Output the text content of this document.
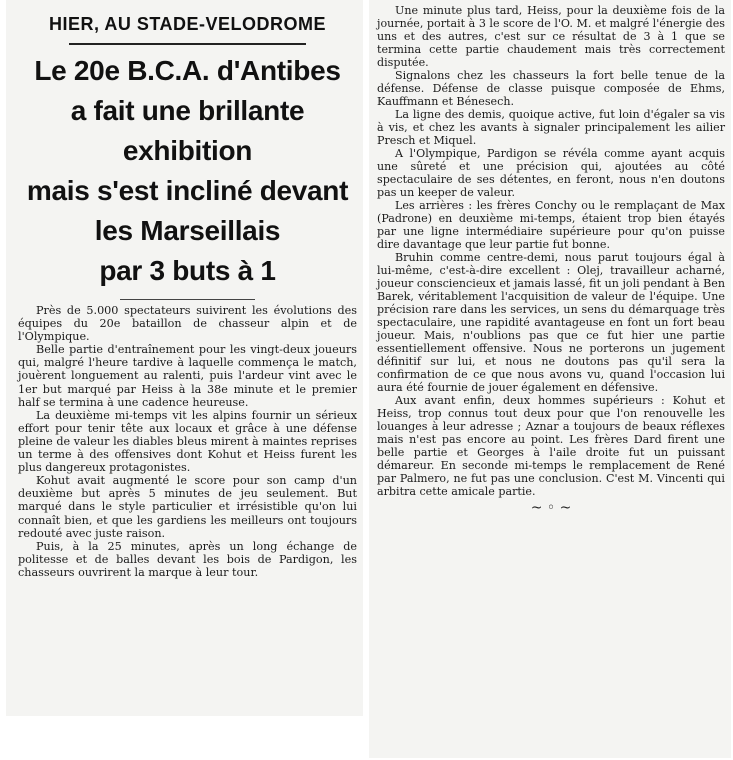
HIER, AU STADE-VELODROME
Le 20e B.C.A. d'Antibes
a fait une brillante
exhibition
mais s'est incliné devant
les Marseillais
par 3 buts à 1

Près de 5.000 spectateurs suivirent les évolutions des équipes du 20e bataillon de chasseur alpin et de l'Olympique.

Belle partie d'entraînement pour les vingt-deux joueurs qui, malgré l'heure tardive à laquelle commença le match, jouèrent longuement au ralenti, puis l'ardeur vint avec le 1er but marqué par Heiss à la 38e minute et le premier half se termina à une cadence heureuse.

La deuxième mi-temps vit les alpins fournir un sérieux effort pour tenir tête aux locaux et grâce à une défense pleine de valeur les diables bleus mirent à maintes reprises un terme à des offensives dont Kohut et Heiss furent les plus dangereux protagonistes.

Kohut avait augmenté le score pour son camp d'un deuxième but après 5 minutes de jeu seulement. But marqué dans le style particulier et irrésistible qu'on lui connaît bien, et que les gardiens les meilleurs ont toujours redouté avec juste raison.

Puis, à la 25 minutes, après un long échange de politesse et de balles devant les bois de Pardigon, les chasseurs ouvrirent la marque à leur tour.

Une minute plus tard, Heiss, pour la deuxième fois de la journée, portait à 3 le score de l'O. M. et malgré l'énergie des uns et des autres, c'est sur ce résultat de 3 à 1 que se termina cette partie chaudement mais très correctement disputée.

Signalons chez les chasseurs la fort belle tenue de la défense. Défense de classe puisque composée de Ehms, Kauffmann et Bénesech.

La ligne des demis, quoique active, fut loin d'égaler sa vis à vis, et chez les avants à signaler principalement les ailier Presch et Miquel.

A l'Olympique, Pardigon se révéla comme ayant acquis une sûreté et une précision qui, ajoutées au côté spectaculaire de ses détentes, en feront, nous n'en doutons pas un keeper de valeur.

Les arrières : les frères Conchy ou le remplaçant de Max (Padrone) en deuxième mi-temps, étaient trop bien étayés par une ligne intermédiaire supérieure pour qu'on puisse dire davantage que leur partie fut bonne.

Bruhin comme centre-demi, nous parut toujours égal à lui-même, c'est-à-dire excellent : Olej, travailleur acharné, joueur consciencieux et jamais lassé, fit un joli pendant à Ben Barek, véritablement l'acquisition de valeur de l'équipe. Une précision rare dans les services, un sens du démarquage très spectaculaire, une rapidité avantageuse en font un fort beau joueur. Mais, n'oublions pas que ce fut hier une partie essentiellement offensive. Nous ne porterons un jugement définitif sur lui, et nous ne doutons pas qu'il sera la confirmation de ce que nous avons vu, quand l'occasion lui aura été fournie de jouer également en défensive.

Aux avant enfin, deux hommes supérieurs : Kohut et Heiss, trop connus tout deux pour que l'on renouvelle les louanges à leur adresse ; Aznar a toujours de beaux réflexes mais n'est pas encore au point. Les frères Dard firent une belle partie et Georges à l'aile droite fut un puissant démareur. En seconde mi-temps le remplacement de René par Palmero, ne fut pas une conclusion. C'est M. Vincenti qui arbitra cette amicale partie.

~ ◦ ~
